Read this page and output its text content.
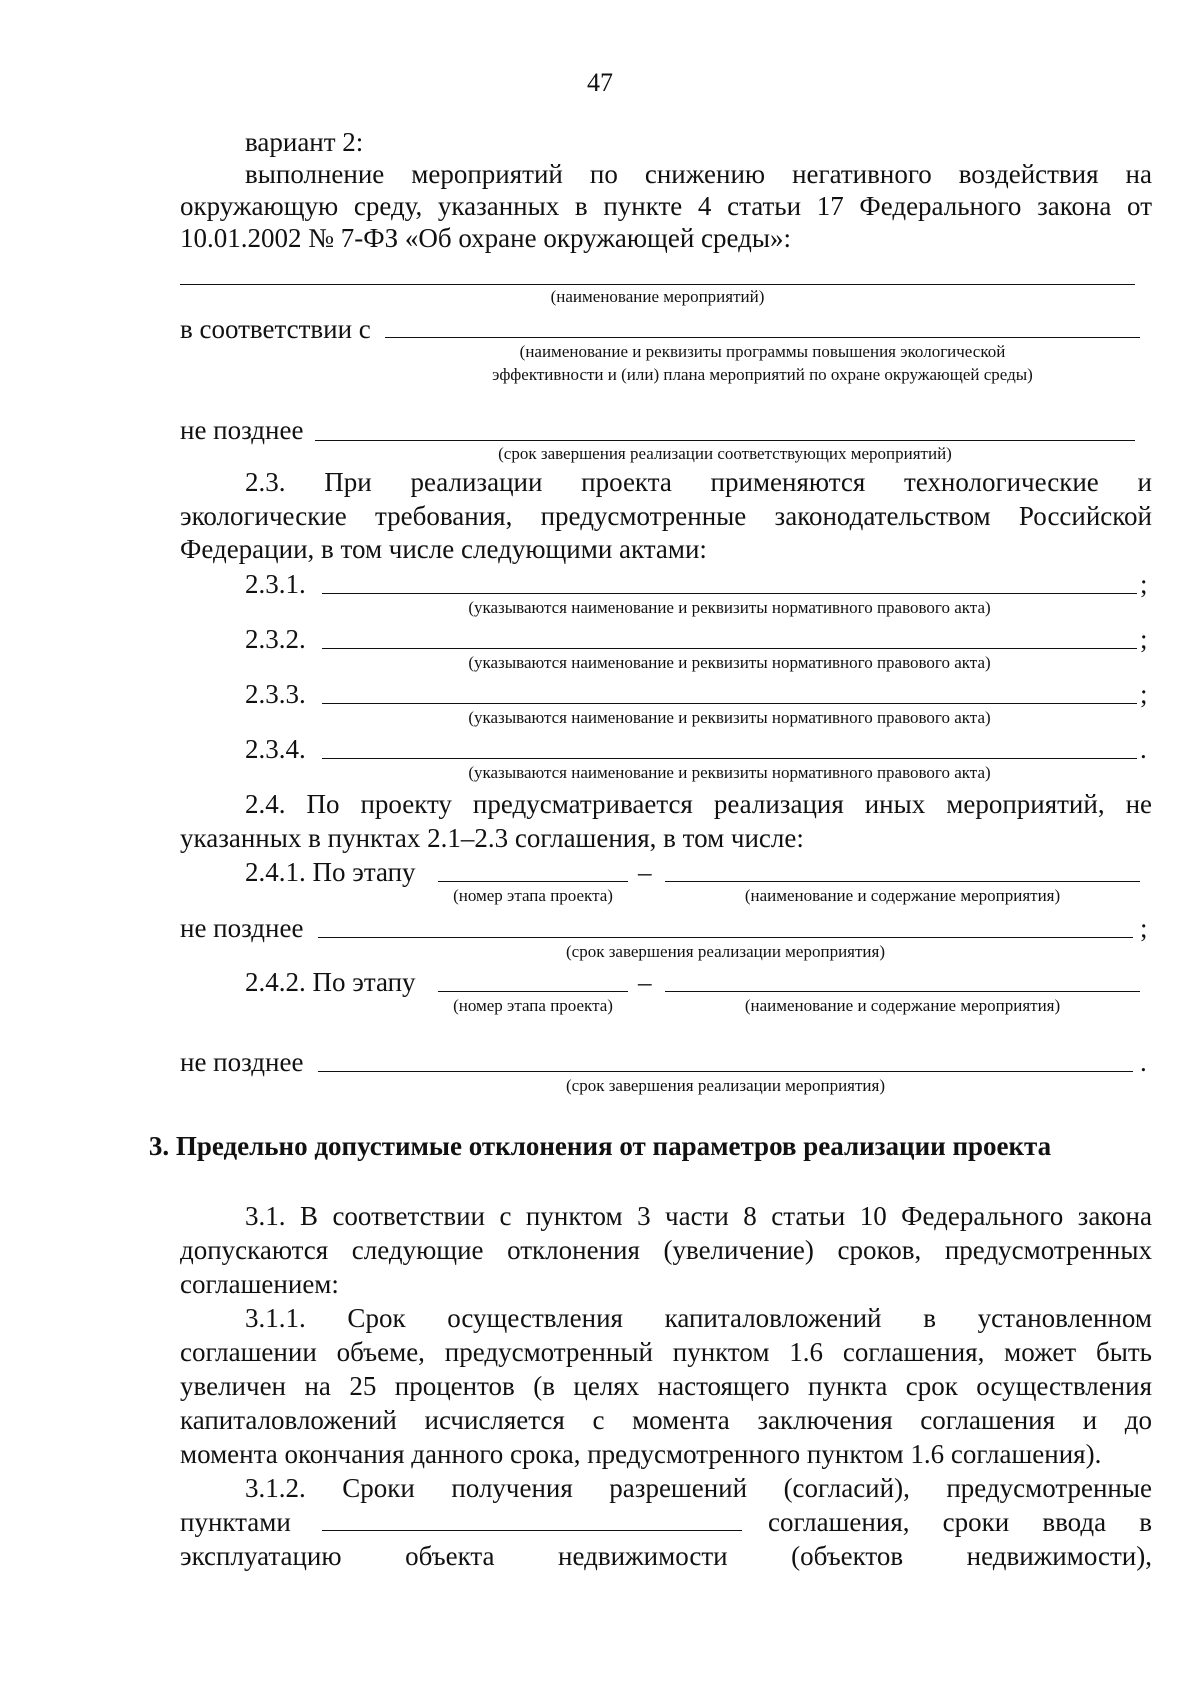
47
вариант 2:
выполнение мероприятий по снижению негативного воздействия на
окружающую среду, указанных в пункте 4 статьи 17 Федерального закона от
10.01.2002 № 7-ФЗ «Об охране окружающей среды»:
(наименование мероприятий)
в соответствии с
(наименование и реквизиты программы повышения экологической
эффективности и (или) плана мероприятий по охране окружающей среды)
не позднее
(срок завершения реализации соответствующих мероприятий)
2.3. При реализации проекта применяются технологические и
экологические требования, предусмотренные законодательством Российской
Федерации, в том числе следующими актами:
2.3.1.	;
(указываются наименование и реквизиты нормативного правового акта)
2.3.2.	;
(указываются наименование и реквизиты нормативного правового акта)
2.3.3.	;
(указываются наименование и реквизиты нормативного правового акта)
2.3.4.	.
(указываются наименование и реквизиты нормативного правового акта)
2.4. По проекту предусматривается реализация иных мероприятий, не
указанных в пунктах 2.1–2.3 соглашения, в том числе:
2.4.1. По этапу	–
(номер этапа проекта)	(наименование и содержание мероприятия)
не позднее	;
(срок завершения реализации мероприятия)
2.4.2. По этапу	–
(номер этапа проекта)	(наименование и содержание мероприятия)
не позднее	.
(срок завершения реализации мероприятия)
3. Предельно допустимые отклонения от параметров реализации проекта
3.1. В соответствии с пунктом 3 части 8 статьи 10 Федерального закона
допускаются следующие отклонения (увеличение) сроков, предусмотренных
соглашением:
3.1.1. Срок осуществления капиталовложений в установленном
соглашении объеме, предусмотренный пунктом 1.6 соглашения, может быть
увеличен на 25 процентов (в целях настоящего пункта срок осуществления
капиталовложений исчисляется с момента заключения соглашения и до
момента окончания данного срока, предусмотренного пунктом 1.6 соглашения).
3.1.2. Сроки получения разрешений (согласий), предусмотренные
пунктами	соглашения, сроки ввода в
эксплуатацию объекта недвижимости (объектов недвижимости),
